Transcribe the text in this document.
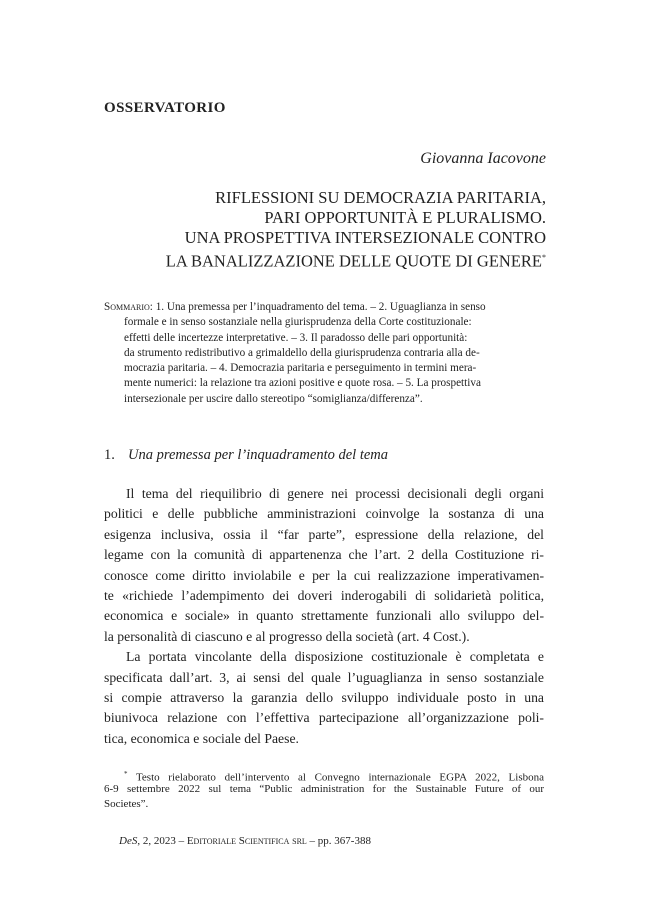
OSSERVATORIO
Giovanna Iacovone
RIFLESSIONI SU DEMOCRAZIA PARITARIA,
PARI OPPORTUNITÀ E PLURALISMO.
UNA PROSPETTIVA INTERSEZIONALE CONTRO
LA BANALIZZAZIONE DELLE QUOTE DI GENERE*
Sommario: 1. Una premessa per l’inquadramento del tema. – 2. Uguaglianza in senso
formale e in senso sostanziale nella giurisprudenza della Corte costituzionale:
effetti delle incertezze interpretative. – 3. Il paradosso delle pari opportunità:
da strumento redistributivo a grimaldello della giurisprudenza contraria alla de-
mocrazia paritaria. – 4. Democrazia paritaria e perseguimento in termini mera-
mente numerici: la relazione tra azioni positive e quote rosa. – 5. La prospettiva
intersezionale per uscire dallo stereotipo “somiglianza/differenza”.
1. Una premessa per l’inquadramento del tema
Il tema del riequilibrio di genere nei processi decisionali degli organi
politici e delle pubbliche amministrazioni coinvolge la sostanza di una
esigenza inclusiva, ossia il “far parte”, espressione della relazione, del
legame con la comunità di appartenenza che l’art. 2 della Costituzione ri-
conosce come diritto inviolabile e per la cui realizzazione imperativamen-
te «richiede l’adempimento dei doveri inderogabili di solidarietà politica,
economica e sociale» in quanto strettamente funzionali allo sviluppo del-
la personalità di ciascuno e al progresso della società (art. 4 Cost.).
La portata vincolante della disposizione costituzionale è completata e
specificata dall’art. 3, ai sensi del quale l’uguaglianza in senso sostanziale
si compie attraverso la garanzia dello sviluppo individuale posto in una
biunivoca relazione con l’effettiva partecipazione all’organizzazione poli-
tica, economica e sociale del Paese.
* Testo rielaborato dell’intervento al Convegno internazionale EGPA 2022, Lisbona
6-9 settembre 2022 sul tema “Public administration for the Sustainable Future of our
Societes”.
DeS, 2, 2023 – Editoriale Scientifica srl – pp. 367-388
